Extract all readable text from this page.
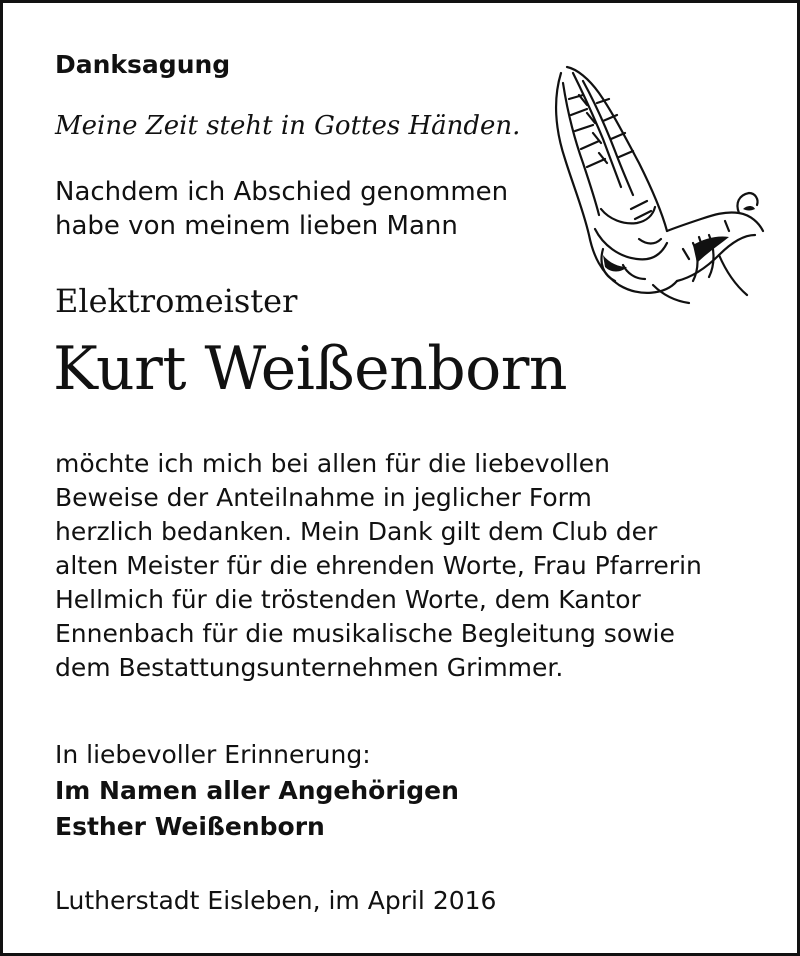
Danksagung
Meine Zeit steht in Gottes Händen.
Nachdem ich Abschied genommen
habe von meinem lieben Mann
Elektromeister
Kurt Weißenborn
möchte ich mich bei allen für die liebevollen
Beweise der Anteilnahme in jeglicher Form
herzlich bedanken. Mein Dank gilt dem Club der
alten Meister für die ehrenden Worte, Frau Pfarrerin
Hellmich für die tröstenden Worte, dem Kantor
Ennenbach für die musikalische Begleitung sowie
dem Bestattungsunternehmen Grimmer.
In liebevoller Erinnerung:
Im Namen aller Angehörigen
Esther Weißenborn
Lutherstadt Eisleben, im April 2016
